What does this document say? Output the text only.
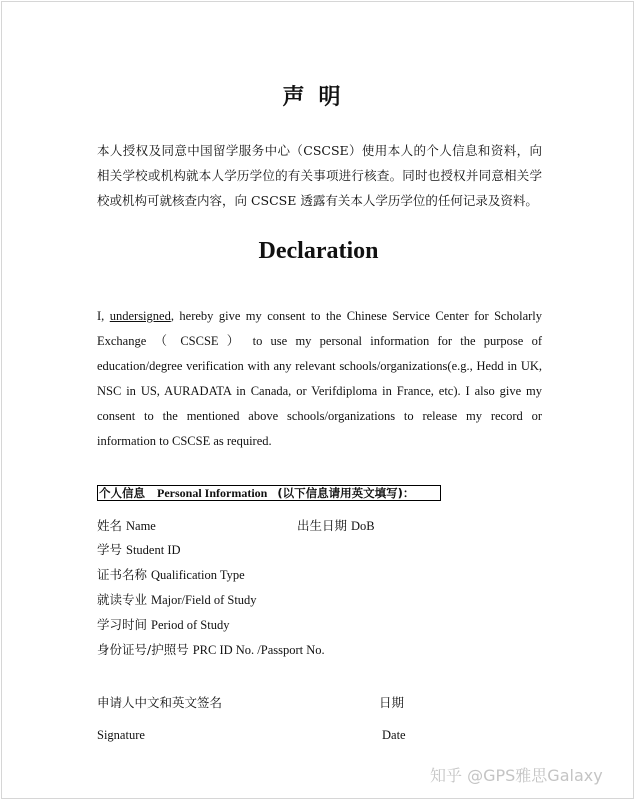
声明
本人授权及同意中国留学服务中心（CSCSE）使用本人的个人信息和资料，向相关学校或机构就本人学历学位的有关事项进行核查。同时也授权并同意相关学校或机构可就核查内容，向 CSCSE 透露有关本人学历学位的任何记录及资料。
Declaration
I, undersigned, hereby give my consent to the Chinese Service Center for Scholarly Exchange （ CSCSE ） to use my personal information for the purpose of education/degree verification with any relevant schools/organizations(e.g., Hedd in UK, NSC in US, AURADATA in Canada, or Verifdiploma in France, etc). I also give my consent to the mentioned above schools/organizations to release my record or information to CSCSE as required.
个人信息 Personal Information (以下信息请用英文填写)：
姓名 Name	出生日期 DoB
学号 Student ID
证书名称 Qualification Type
就读专业 Major/Field of Study
学习时间 Period of Study
身份证号/护照号 PRC ID No. /Passport No.
申请人中文和英文签名	日期
Signature	Date
知乎 @GPS雅思Galaxy
